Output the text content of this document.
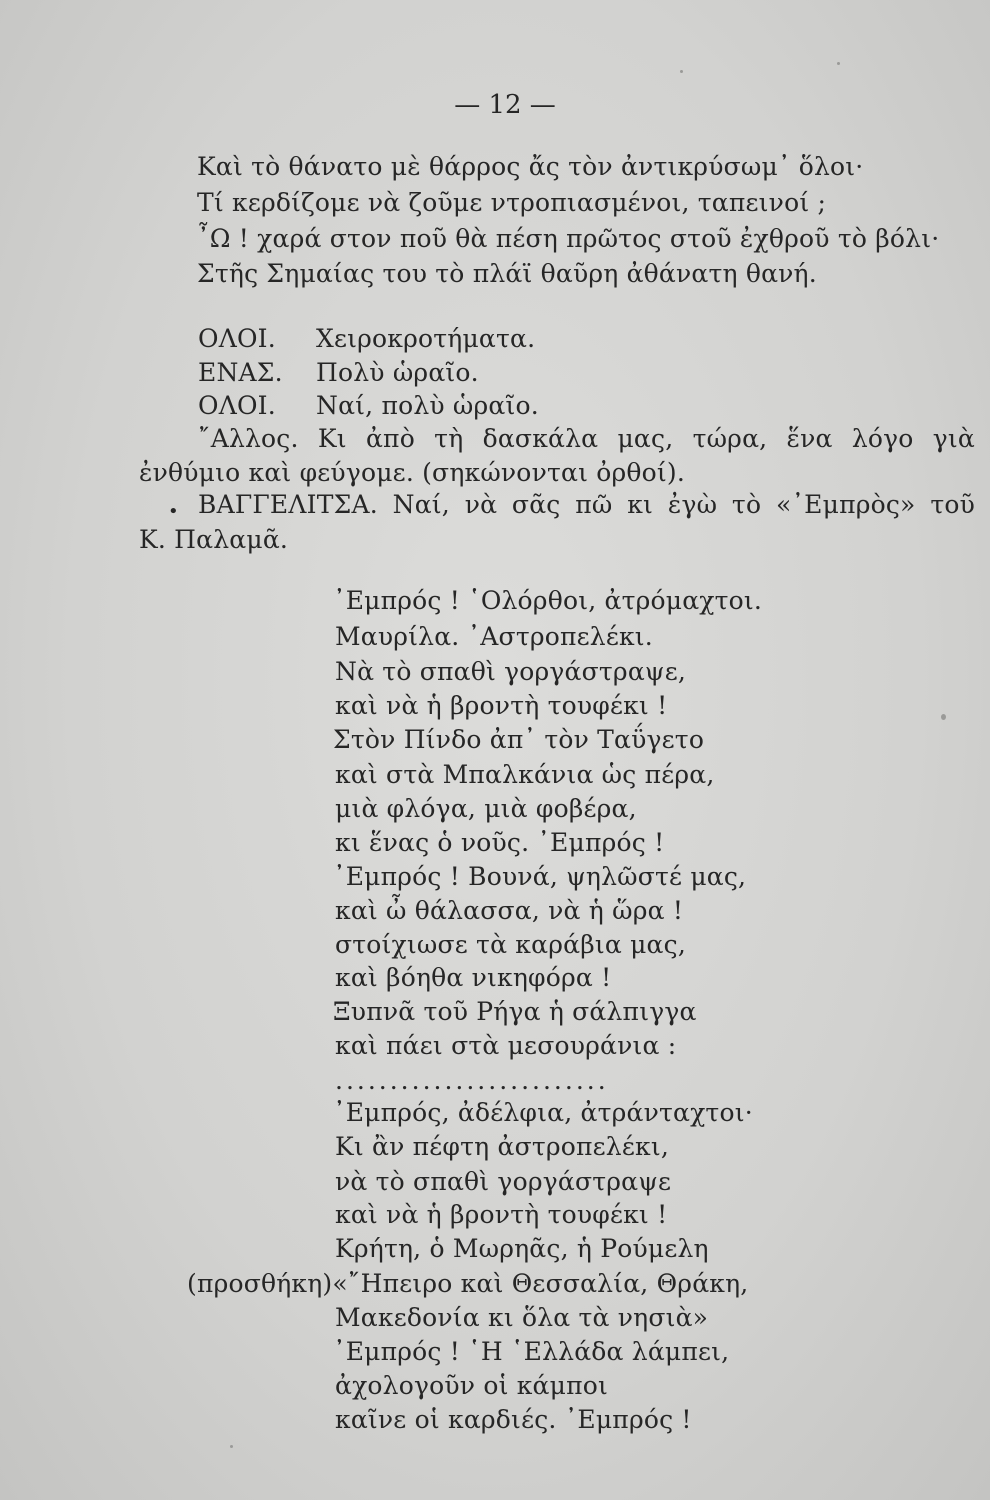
— 12 —
Καὶ τὸ θάνατο μὲ θάρρος ἄς τὸν ἀντικρύσωμ᾿ ὅλοι·
Τί κερδίζομε νὰ ζοῦμε ντροπιασμένοι, ταπεινοί ;
῏Ω ! χαρά στον ποῦ θὰ πέση πρῶτος στοῦ ἐχθροῦ τὸ βόλι·
Στῆς Σημαίας του τὸ πλάϊ θαῦρη ἀθάνατη θανή.
ΟΛΟΙ. Χειροκροτήματα.
ΕΝΑΣ. Πολὺ ὡραῖο.
ΟΛΟΙ. Ναί, πολὺ ὡραῖο.
῎Αλλος. Κι ἀπὸ τὴ δασκάλα μας, τώρα, ἕνα λόγο γιὰ
ἐνθύμιο καὶ φεύγομε. (σηκώνονται ὀρθοί).
• ΒΑΓΓΕΛΙΤΣΑ. Ναί, νὰ σᾶς πῶ κι ἐγὼ τὸ «᾿Εμπρὸς» τοῦ
Κ. Παλαμᾶ.
᾿Εμπρός ! ῾Ολόρθοι, ἀτρόμαχτοι.
Μαυρίλα. ᾿Αστροπελέκι.
Νὰ τὸ σπαθὶ γοργάστραψε,
καὶ νὰ ἡ βροντὴ τουφέκι !
Στὸν Πίνδο ἀπ᾿ τὸν Ταΰγετο
καὶ στὰ Μπαλκάνια ὡς πέρα,
μιὰ φλόγα, μιὰ φοβέρα,
κι ἕνας ὁ νοῦς. ᾿Εμπρός !
᾿Εμπρός ! Βουνά, ψηλῶστέ μας,
καὶ ὦ θάλασσα, νὰ ἡ ὥρα !
στοίχιωσε τὰ καράβια μας,
καὶ βόηθα νικηφόρα !
Ξυπνᾶ τοῦ Ρήγα ἡ σάλπιγγα
καὶ πάει στὰ μεσουράνια :
.........................
᾿Εμπρός, ἀδέλφια, ἀτράνταχτοι·
Κι ἂν πέφτη ἀστροπελέκι,
νὰ τὸ σπαθὶ γοργάστραψε
καὶ νὰ ἡ βροντὴ τουφέκι !
Κρήτη, ὁ Μωρηᾶς, ἡ Ρούμελη
(προσθήκη)«῎Ηπειρο καὶ Θεσσαλία, Θράκη,
Μακεδονία κι ὅλα τὰ νησιὰ»
᾿Εμπρός ! ῾Η ῾Ελλάδα λάμπει,
ἀχολογοῦν οἱ κάμποι
καῖνε οἱ καρδιές. ᾿Εμπρός !
